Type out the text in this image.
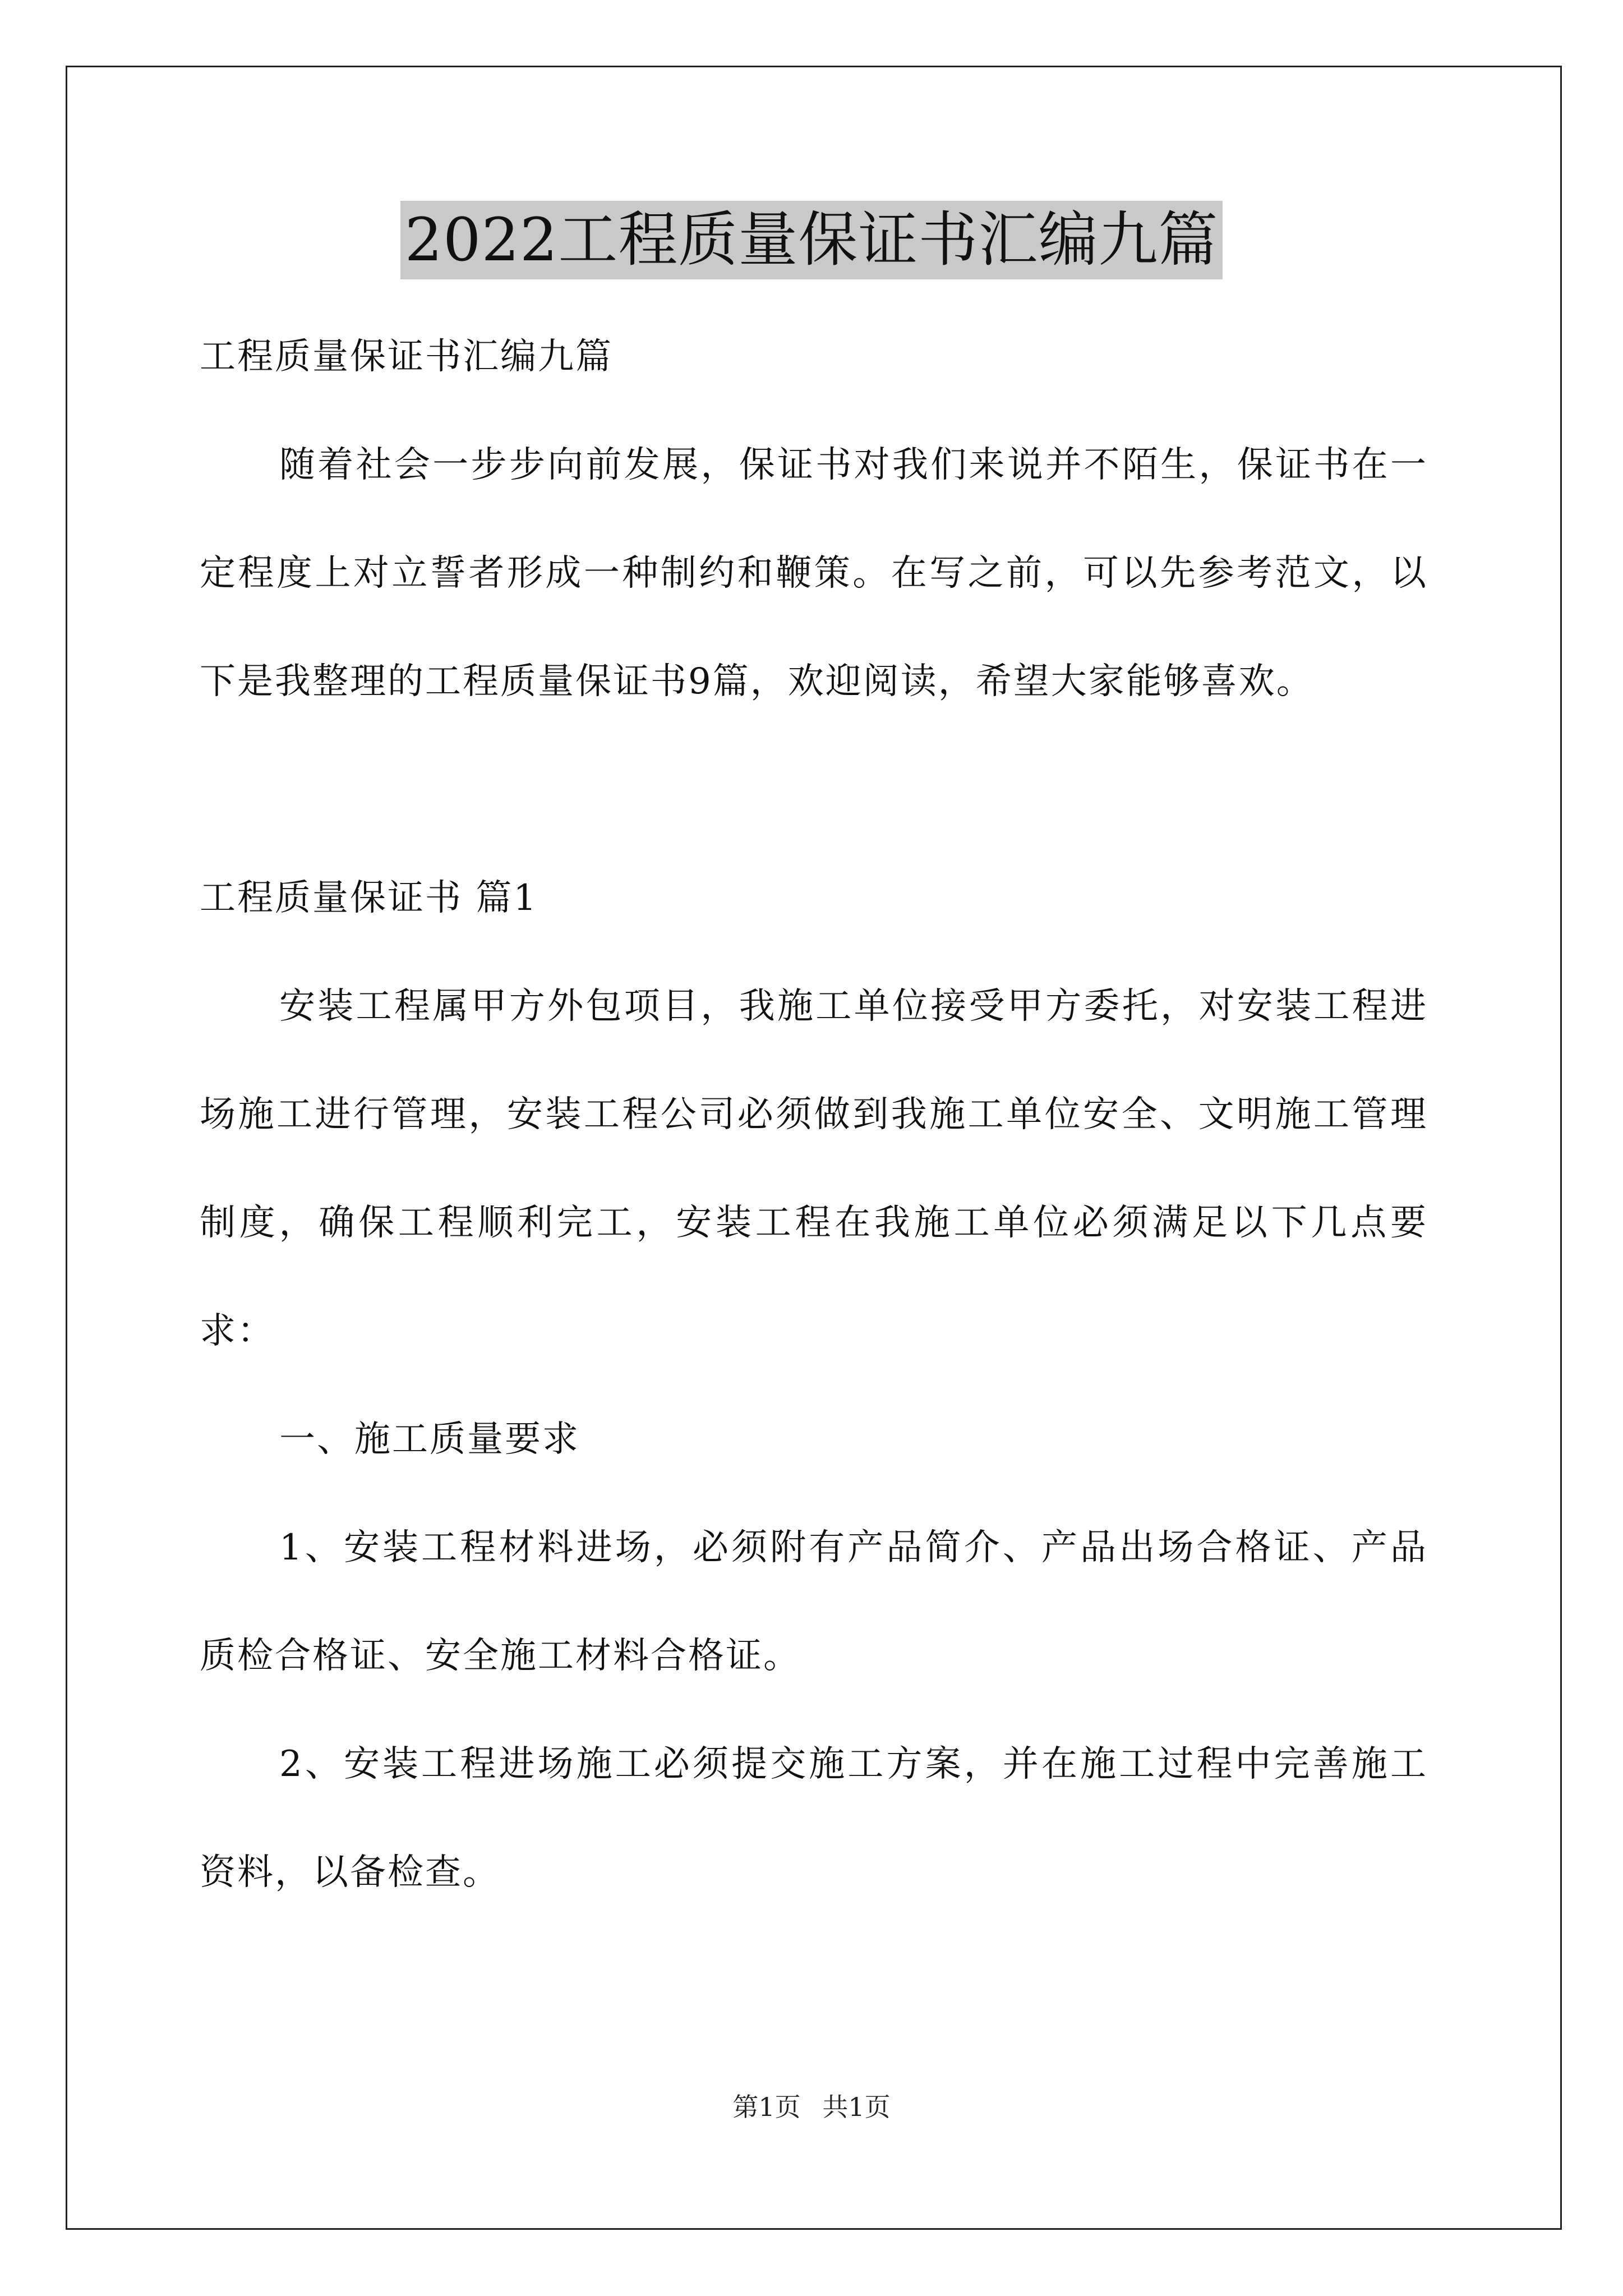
2022工程质量保证书汇编九篇

工程质量保证书汇编九篇

随着社会一步步向前发展，保证书对我们来说并不陌生，保证书在一定程度上对立誓者形成一种制约和鞭策。在写之前，可以先参考范文，以下是我整理的工程质量保证书9篇，欢迎阅读，希望大家能够喜欢。

工程质量保证书 篇1

安装工程属甲方外包项目，我施工单位接受甲方委托，对安装工程进场施工进行管理，安装工程公司必须做到我施工单位安全、文明施工管理制度，确保工程顺利完工，安装工程在我施工单位必须满足以下几点要求：

一、施工质量要求

1、安装工程材料进场，必须附有产品简介、产品出场合格证、产品质检合格证、安全施工材料合格证。

2、安装工程进场施工必须提交施工方案，并在施工过程中完善施工资料，以备检查。

第1页 共1页
